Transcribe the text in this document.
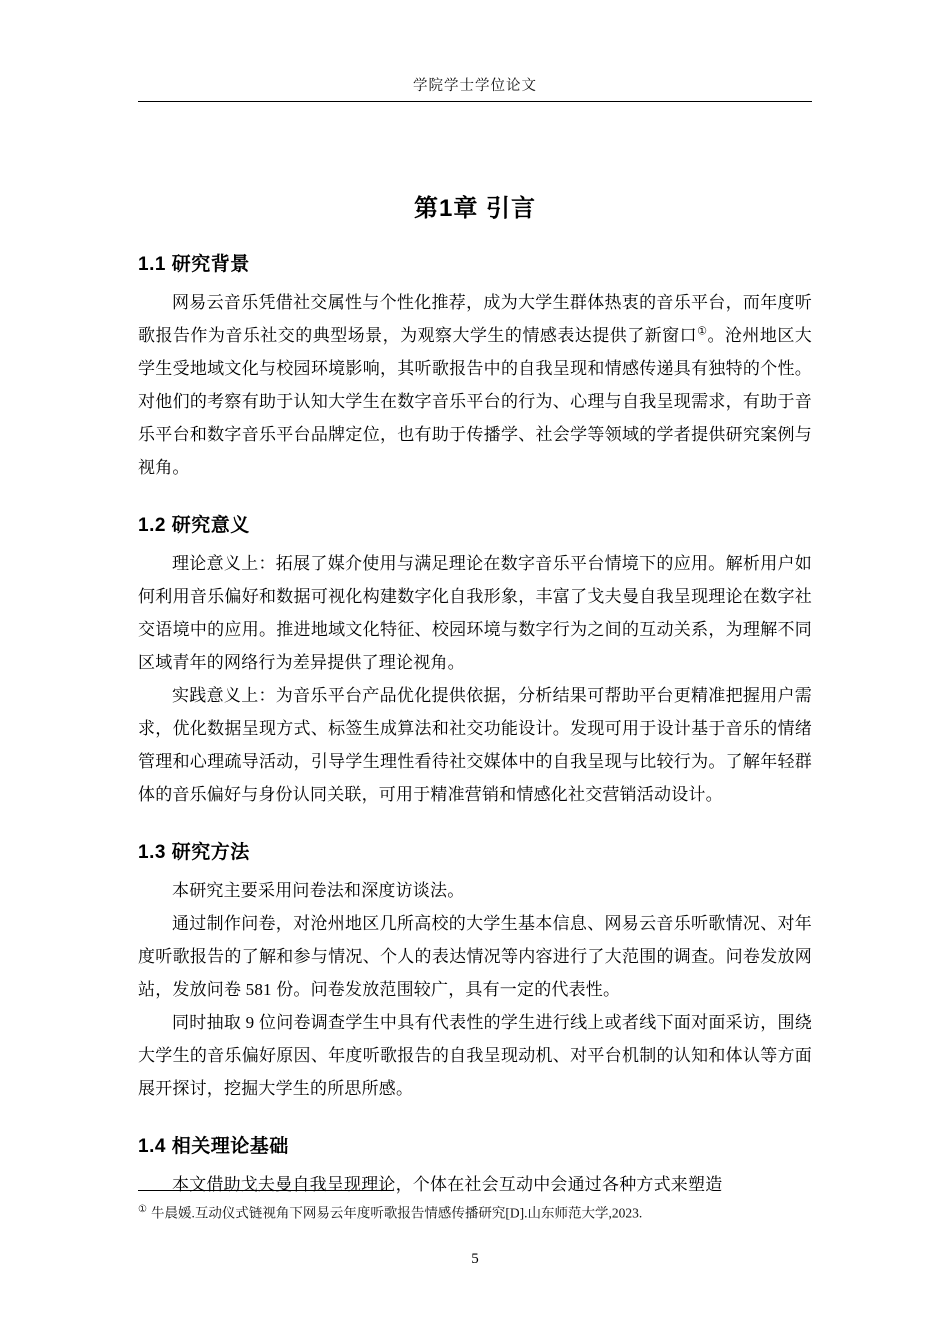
学院学士学位论文
第1章 引言
1.1 研究背景

网易云音乐凭借社交属性与个性化推荐，成为大学生群体热衷的音乐平台，而年度听歌报告作为音乐社交的典型场景，为观察大学生的情感表达提供了新窗口①。沧州地区大学生受地域文化与校园环境影响，其听歌报告中的自我呈现和情感传递具有独特的个性。对他们的考察有助于认知大学生在数字音乐平台的行为、心理与自我呈现需求，有助于音乐平台和数字音乐平台品牌定位，也有助于传播学、社会学等领域的学者提供研究案例与视角。

1.2 研究意义

理论意义上：拓展了媒介使用与满足理论在数字音乐平台情境下的应用。解析用户如何利用音乐偏好和数据可视化构建数字化自我形象，丰富了戈夫曼自我呈现理论在数字社交语境中的应用。推进地域文化特征、校园环境与数字行为之间的互动关系，为理解不同区域青年的网络行为差异提供了理论视角。

实践意义上：为音乐平台产品优化提供依据，分析结果可帮助平台更精准把握用户需求，优化数据呈现方式、标签生成算法和社交功能设计。发现可用于设计基于音乐的情绪管理和心理疏导活动，引导学生理性看待社交媒体中的自我呈现与比较行为。了解年轻群体的音乐偏好与身份认同关联，可用于精准营销和情感化社交营销活动设计。

1.3 研究方法

本研究主要采用问卷法和深度访谈法。

通过制作问卷，对沧州地区几所高校的大学生基本信息、网易云音乐听歌情况、对年度听歌报告的了解和参与情况、个人的表达情况等内容进行了大范围的调查。问卷发放网站，发放问卷 581 份。问卷发放范围较广，具有一定的代表性。

同时抽取 9 位问卷调查学生中具有代表性的学生进行线上或者线下面对面采访，围绕大学生的音乐偏好原因、年度听歌报告的自我呈现动机、对平台机制的认知和体认等方面展开探讨，挖掘大学生的所思所感。

1.4 相关理论基础

本文借助戈夫曼自我呈现理论，个体在社会互动中会通过各种方式来塑造

① 牛晨媛.互动仪式链视角下网易云年度听歌报告情感传播研究[D].山东师范大学,2023.
5
